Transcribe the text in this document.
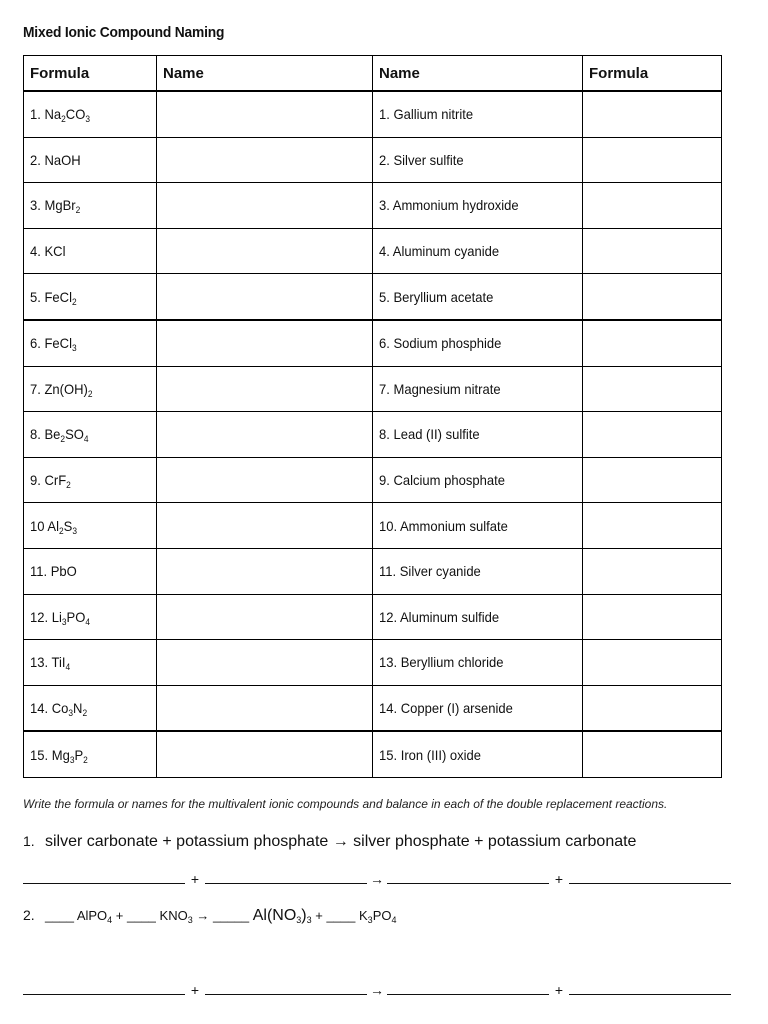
Mixed Ionic Compound Naming
Formula	Name	Name	Formula
1. $Na_2CO_3$		1. Gallium nitrite	
2. NaOH		2. Silver sulfite	
3. MgBr$_2$		3. Ammonium hydroxide	
4. KCl		4. Aluminum cyanide	
5. FeCl$_2$		5. Beryllium acetate	
6. FeCl$_3$		6. Sodium phosphide	
7. $Zn(OH)_2$		7. Magnesium nitrate	
8. $Be_2SO_4$		8. Lead (II) sulfite	
9. CrF$_2$		9. Calcium phosphate	
10 $Al_2S_3$		10. Ammonium sulfate	
11. PbO		11. Silver cyanide	
12. $Li_3PO_4$		12. Aluminum sulfide	
13. TiI$_4$		13. Beryllium chloride	
14. $Co_3N_2$		14. Copper (I) arsenide	
15. $Mg_3P_2$		15. Iron (III) oxide	
Write the formula or names for the multivalent ionic compounds and balance in each of the double replacement reactions.
1. silver carbonate + potassium phosphate → silver phosphate + potassium carbonate
+	→	+
2. ____ AlPO$_4$ + ____ $KNO_3$ → _____ $Al(NO_3)_3$ + ____ $K_3PO_4$
+	→	+
